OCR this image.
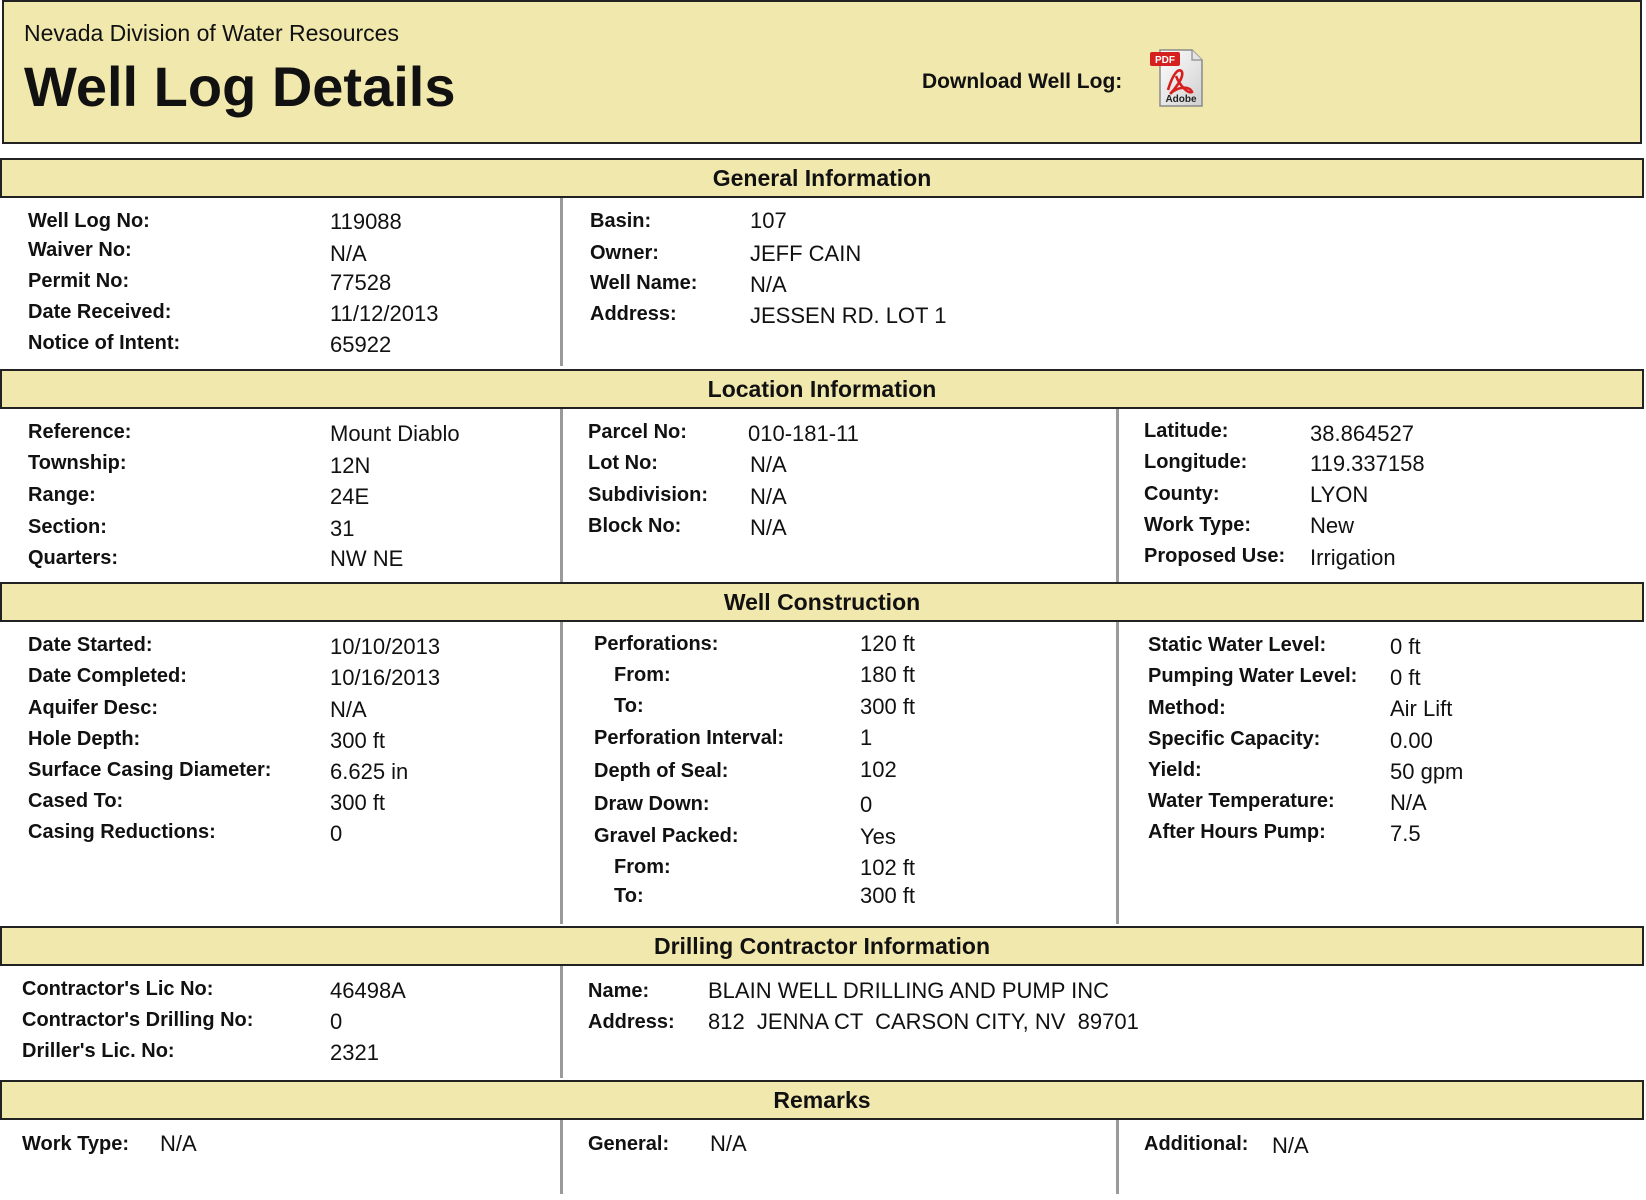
Nevada Division of Water Resources
Well Log Details	Download Well Log:
PDF
Adobe
General Information
Well Log No:	119088
Waiver No:	N/A
Permit No:	77528
Date Received:	11/12/2013
Notice of Intent:	65922
Basin:	107
Owner:	JEFF CAIN
Well Name: N/A
Address:	JESSEN RD. LOT 1
Location Information
Reference:	Mount Diablo
Township:	12N
Range:	24E
Section:	31
Quarters:	NW NE
Parcel No:	010-181-11
Lot No:	N/A
Subdivision: N/A
Block No:	N/A
Latitude:	38.864527
Longitude:	119.337158
County:	LYON
Work Type:	New
Proposed Use: Irrigation
Well Construction
Date Started:	10/10/2013
Date Completed:	10/16/2013
Aquifer Desc:	N/A
Hole Depth:	300 ft
Surface Casing Diameter:	6.625 in
Cased To:	300 ft
Casing Reductions:	0
Perforations:	120 ft
From:	180 ft
To:	300 ft
Perforation Interval:	1
Depth of Seal:	102
Draw Down:	0
Gravel Packed:	Yes
From:	102 ft
To:	300 ft
Static Water Level:	0 ft
Pumping Water Level: 0 ft
Method:	Air Lift
Specific Capacity:	0.00
Yield:	50 gpm
Water Temperature:	N/A
After Hours Pump:	7.5
Drilling Contractor Information
Contractor's Lic No:	46498A
Contractor's Drilling No:	0
Driller's Lic. No:	2321
Name:	BLAIN WELL DRILLING AND PUMP INC
Address: 812  JENNA CT  CARSON CITY, NV  89701
Remarks
Work Type: N/A	General: N/A	Additional: N/A
